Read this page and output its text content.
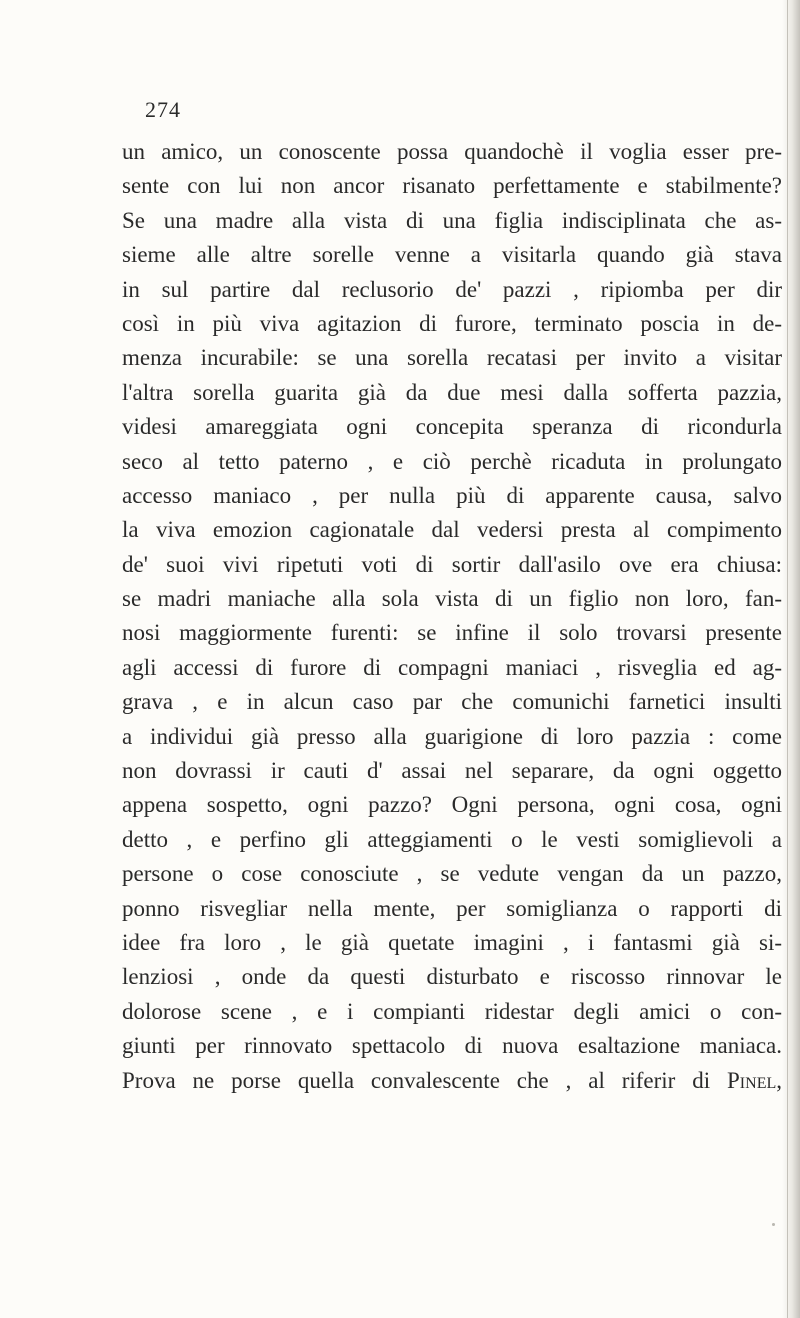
274
un amico, un conoscente possa quandochè il voglia esser pre-
sente con lui non ancor risanato perfettamente e stabilmente?
Se una madre alla vista di una figlia indisciplinata che as-
sieme alle altre sorelle venne a visitarla quando già stava
in sul partire dal reclusorio de' pazzi , ripiomba per dir
così in più viva agitazion di furore, terminato poscia in de-
menza incurabile: se una sorella recatasi per invito a visitar
l'altra sorella guarita già da due mesi dalla sofferta pazzia,
videsi amareggiata ogni concepita speranza di ricondurla
seco al tetto paterno , e ciò perchè ricaduta in prolungato
accesso maniaco , per nulla più di apparente causa, salvo
la viva emozion cagionatale dal vedersi presta al compimento
de' suoi vivi ripetuti voti di sortir dall'asilo ove era chiusa:
se madri maniache alla sola vista di un figlio non loro, fan-
nosi maggiormente furenti: se infine il solo trovarsi presente
agli accessi di furore di compagni maniaci , risveglia ed ag-
grava , e in alcun caso par che comunichi farnetici insulti
a individui già presso alla guarigione di loro pazzia : come
non dovrassi ir cauti d' assai nel separare, da ogni oggetto
appena sospetto, ogni pazzo? Ogni persona, ogni cosa, ogni
detto , e perfino gli atteggiamenti o le vesti somiglievoli a
persone o cose conosciute , se vedute vengan da un pazzo,
ponno risvegliar nella mente, per somiglianza o rapporti di
idee fra loro , le già quetate imagini , i fantasmi già si-
lenziosi , onde da questi disturbato e riscosso rinnovar le
dolorose scene , e i compianti ridestar degli amici o con-
giunti per rinnovato spettacolo di nuova esaltazione maniaca.
Prova ne porse quella convalescente che , al riferir di Pinel,
